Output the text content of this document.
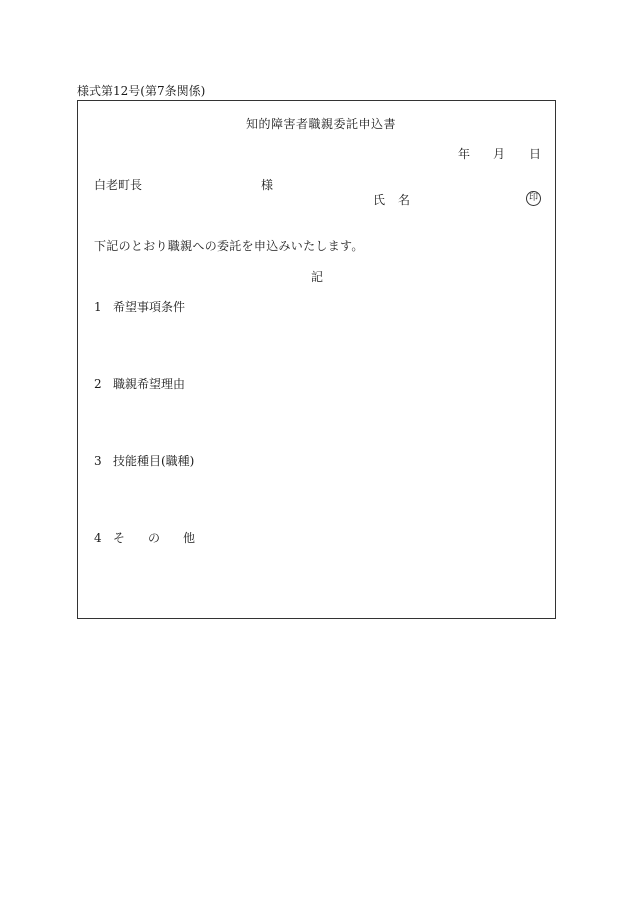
様式第12号(第7条関係)
知的障害者職親委託申込書
年 月 日
白老町長	様
氏 名	印
下記のとおり職親への委託を申込みいたします。
記
1 希望事項条件
2 職親希望理由
3 技能種目(職種)
4 そ の 他
